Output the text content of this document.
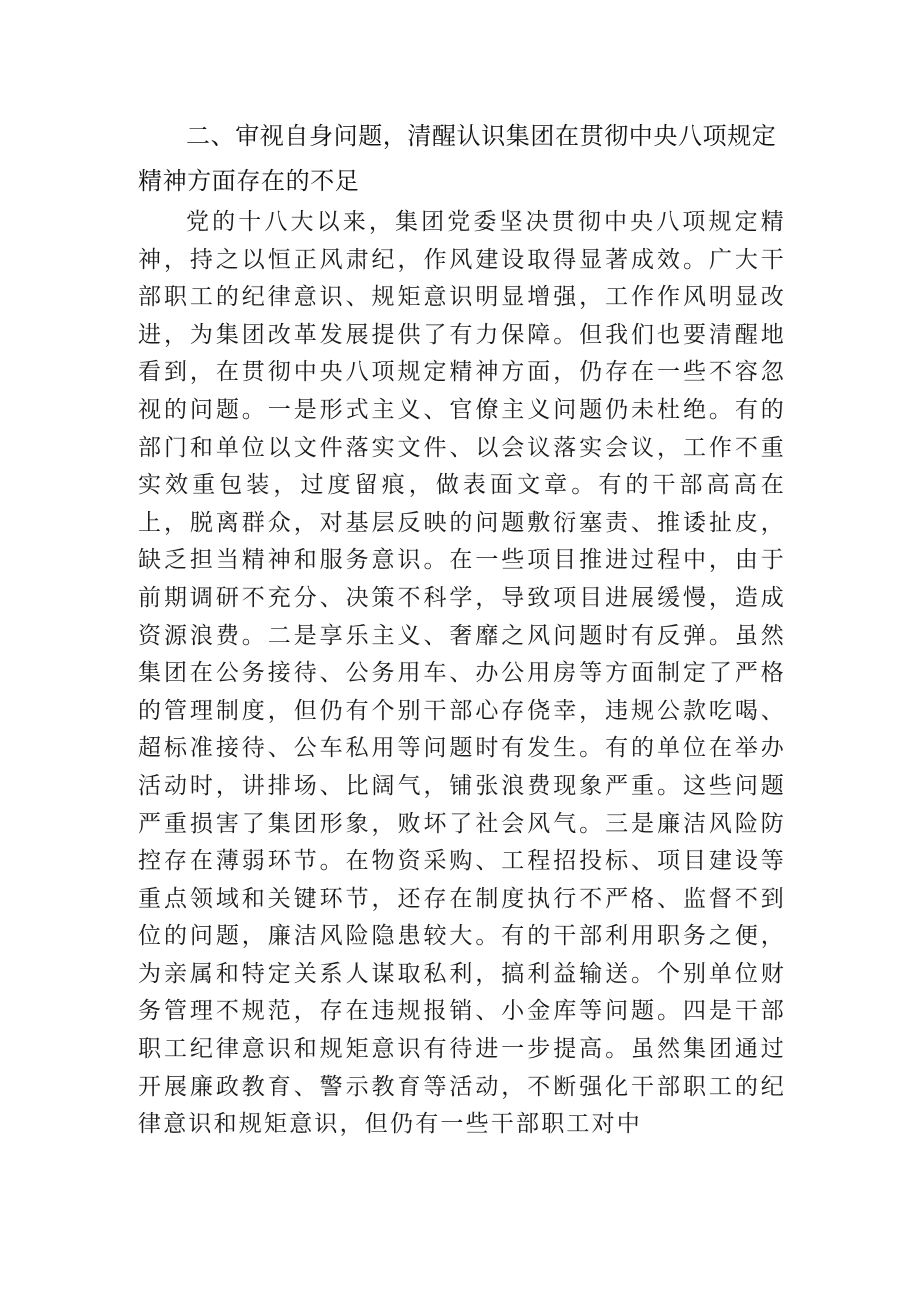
二、审视自身问题，清醒认识集团在贯彻中央八项规定精神方面存在的不足

党的十八大以来，集团党委坚决贯彻中央八项规定精神，持之以恒正风肃纪，作风建设取得显著成效。广大干部职工的纪律意识、规矩意识明显增强，工作作风明显改进，为集团改革发展提供了有力保障。但我们也要清醒地看到，在贯彻中央八项规定精神方面，仍存在一些不容忽视的问题。一是形式主义、官僚主义问题仍未杜绝。有的部门和单位以文件落实文件、以会议落实会议，工作不重实效重包装，过度留痕，做表面文章。有的干部高高在上，脱离群众，对基层反映的问题敷衍塞责、推诿扯皮，缺乏担当精神和服务意识。在一些项目推进过程中，由于前期调研不充分、决策不科学，导致项目进展缓慢，造成资源浪费。二是享乐主义、奢靡之风问题时有反弹。虽然集团在公务接待、公务用车、办公用房等方面制定了严格的管理制度，但仍有个别干部心存侥幸，违规公款吃喝、超标准接待、公车私用等问题时有发生。有的单位在举办活动时，讲排场、比阔气，铺张浪费现象严重。这些问题严重损害了集团形象，败坏了社会风气。三是廉洁风险防控存在薄弱环节。在物资采购、工程招投标、项目建设等重点领域和关键环节，还存在制度执行不严格、监督不到位的问题，廉洁风险隐患较大。有的干部利用职务之便，为亲属和特定关系人谋取私利，搞利益输送。个别单位财务管理不规范，存在违规报销、小金库等问题。四是干部职工纪律意识和规矩意识有待进一步提高。虽然集团通过开展廉政教育、警示教育等活动，不断强化干部职工的纪律意识和规矩意识，但仍有一些干部职工对中
